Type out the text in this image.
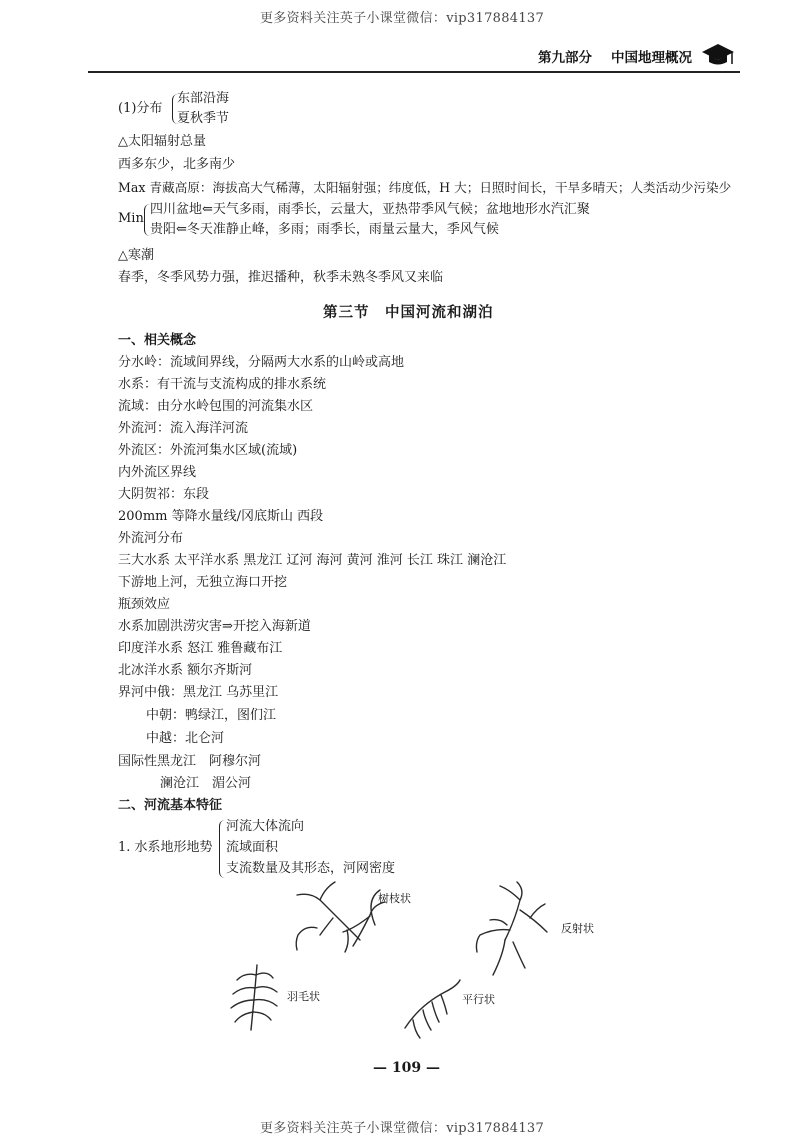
更多资料关注英子小课堂微信：vip317884137
第九部分 中国地理概况
(1)分布
东部沿海
夏秋季节
△太阳辐射总量
西多东少，北多南少
Max 青藏高原：海拔高大气稀薄，太阳辐射强；纬度低，H 大；日照时间长，干旱多晴天；人类活动少污染少
Min
四川盆地⇐天气多雨，雨季长，云量大，亚热带季风气候；盆地地形水汽汇聚
贵阳⇐冬天准静止峰，多雨；雨季长，雨量云量大，季风气候
△寒潮
春季，冬季风势力强，推迟播种，秋季未熟冬季风又来临
第三节　中国河流和湖泊
一、相关概念
分水岭：流域间界线，分隔两大水系的山岭或高地
水系：有干流与支流构成的排水系统
流域：由分水岭包围的河流集水区
外流河：流入海洋河流
外流区：外流河集水区域(流域)
内外流区界线
大阴贺祁：东段
200mm 等降水量线/冈底斯山 西段
外流河分布
三大水系 太平洋水系 黑龙江 辽河 海河 黄河 淮河 长江 珠江 澜沧江
下游地上河，无独立海口开挖
瓶颈效应
水系加剧洪涝灾害⇒开挖入海新道
印度洋水系 怒江 雅鲁藏布江
北冰洋水系 额尔齐斯河
界河中俄：黑龙江 乌苏里江
中朝：鸭绿江，图们江
中越：北仑河
国际性黑龙江　阿穆尔河
澜沧江　湄公河
二、河流基本特征
1. 水系地形地势
河流大体流向
流域面积
支流数量及其形态，河网密度
树枝状
反射状
羽毛状	平行状
— 109 —
更多资料关注英子小课堂微信：vip317884137
